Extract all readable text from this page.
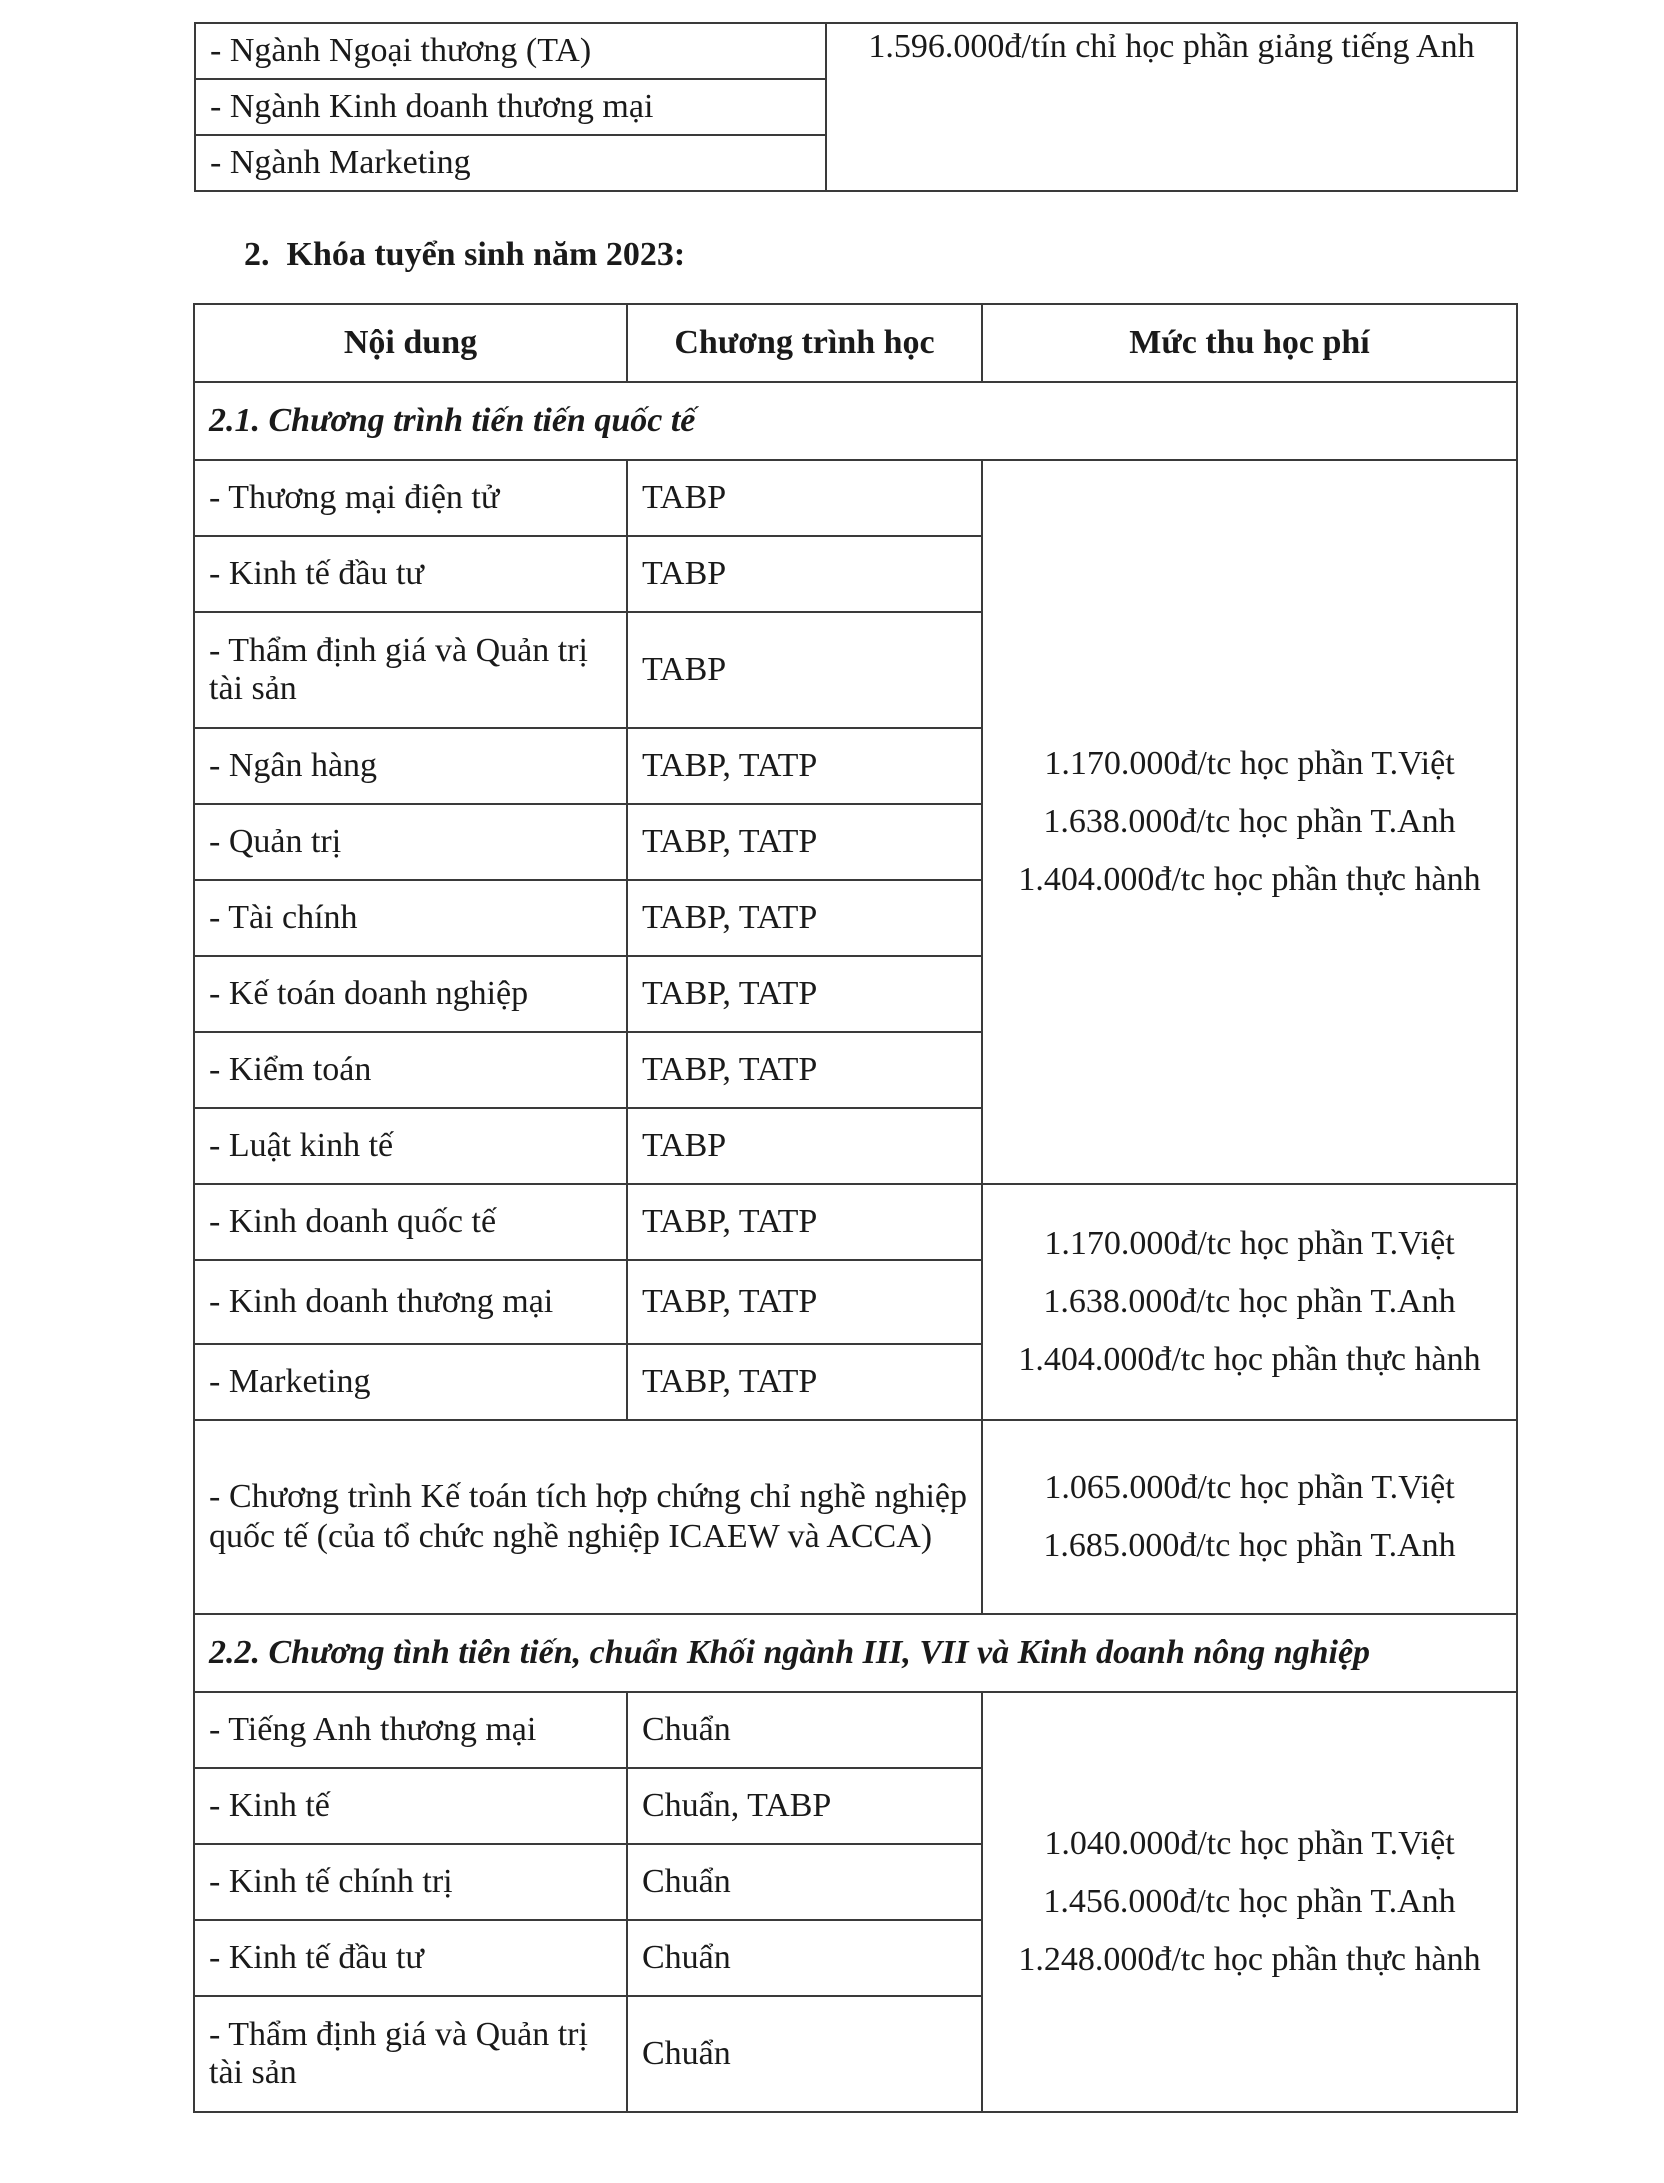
- Ngành Ngoại thương (TA)	1.596.000đ/tín chỉ học phần giảng tiếng Anh
- Ngành Kinh doanh thương mại
- Ngành Marketing
2. Khóa tuyển sinh năm 2023:
Nội dung	Chương trình học	Mức thu học phí
2.1. Chương trình tiến tiến quốc tế		
- Thương mại điện tử	TABP	1.170.000đ/tc học phần T.Việt
1.638.000đ/tc học phần T.Anh
1.404.000đ/tc học phần thực hành

- Kinh tế đầu tư	TABP	
- Thẩm định giá và Quản trị tài sản	TABP	
- Ngân hàng	TABP, TATP	
- Quản trị	TABP, TATP	
- Tài chính	TABP, TATP	
- Kế toán doanh nghiệp	TABP, TATP	
- Kiểm toán	TABP, TATP	
- Luật kinh tế	TABP	
- Kinh doanh quốc tế	TABP, TATP	1.170.000đ/tc học phần T.Việt
1.638.000đ/tc học phần T.Anh
1.404.000đ/tc học phần thực hành

- Kinh doanh thương mại	TABP, TATP	
- Marketing	TABP, TATP	
- Chương trình Kế toán tích hợp chứng chỉ nghề nghiệp quốc tế (của tổ chức nghề nghiệp ICAEW và ACCA)		1.065.000đ/tc học phần T.Việt
1.685.000đ/tc học phần T.Anh

2.2. Chương tình tiên tiến, chuẩn Khối ngành III, VII và Kinh doanh nông nghiệp		
- Tiếng Anh thương mại	Chuẩn	1.040.000đ/tc học phần T.Việt
1.456.000đ/tc học phần T.Anh
1.248.000đ/tc học phần thực hành

- Kinh tế	Chuẩn, TABP	
- Kinh tế chính trị	Chuẩn	
- Kinh tế đầu tư	Chuẩn	
- Thẩm định giá và Quản trị tài sản	Chuẩn	
